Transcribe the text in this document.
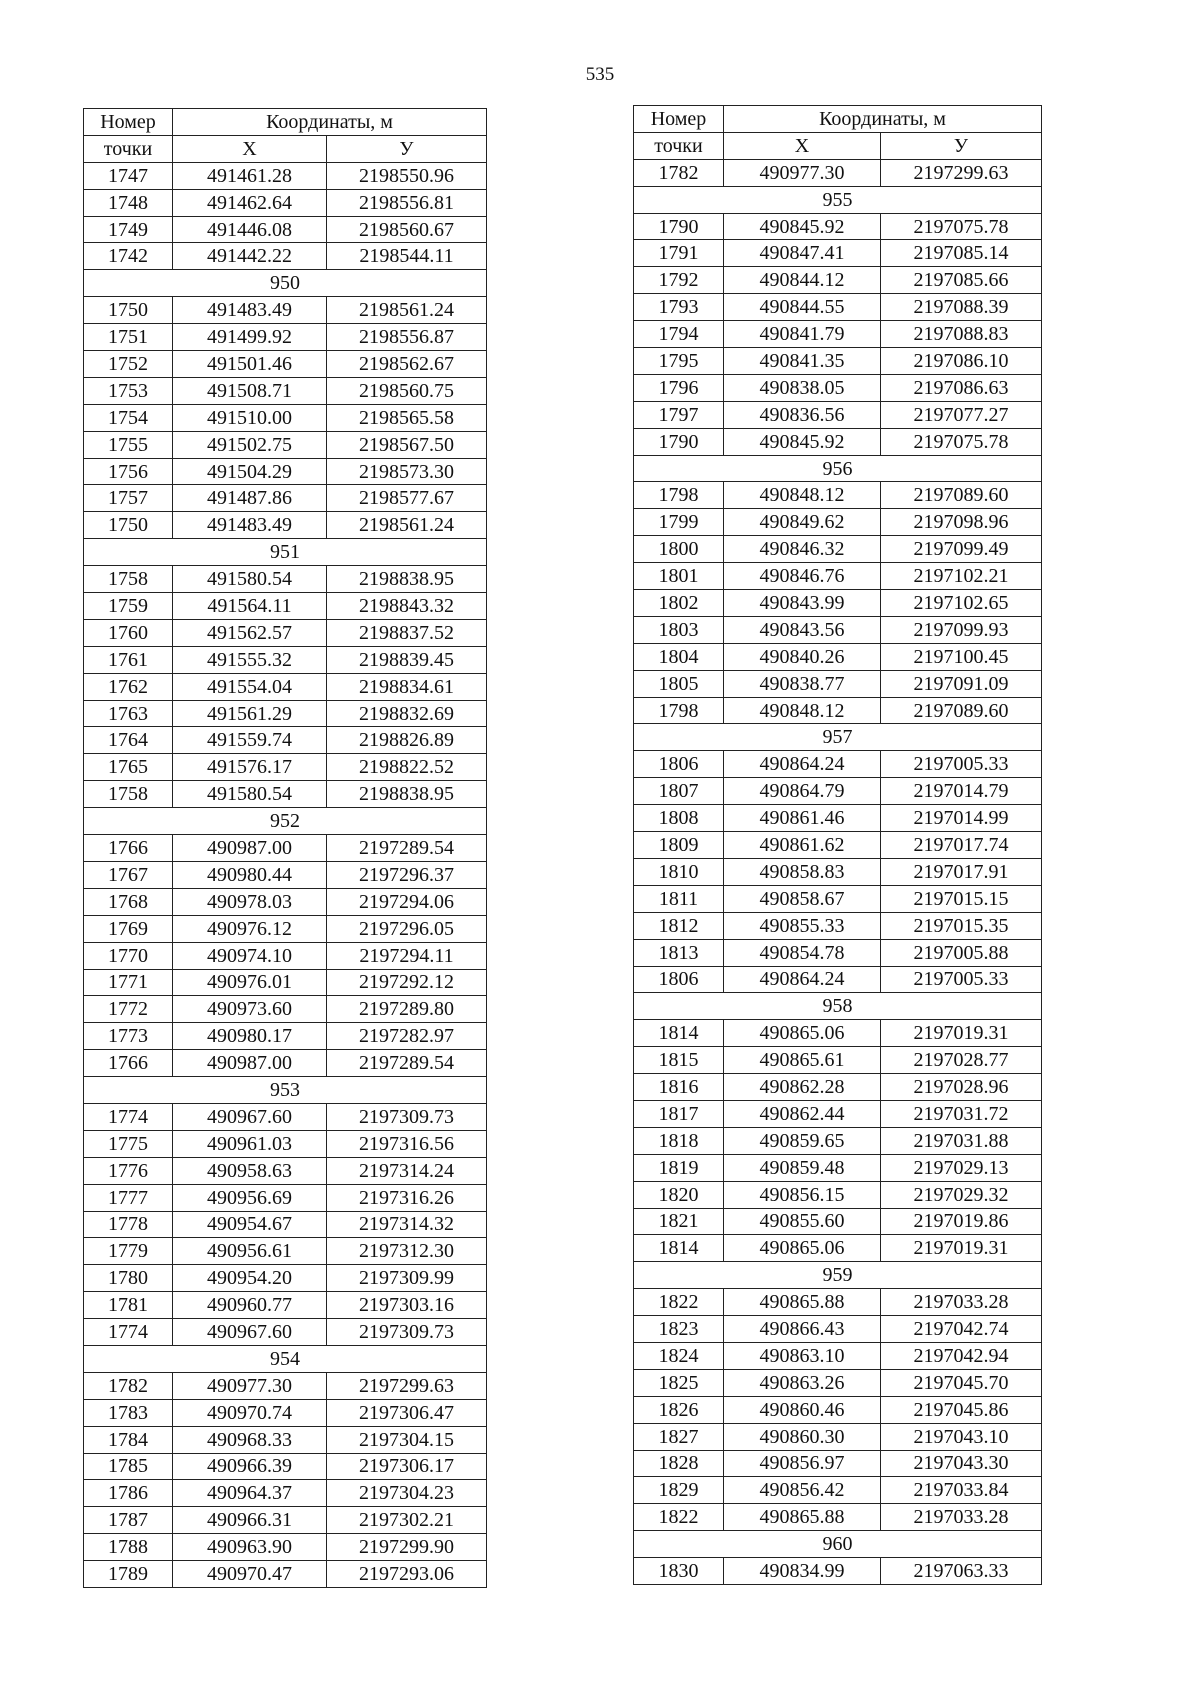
535
Номер	Координаты, м	
точки	X	У
1747	491461.28	2198550.96
1748	491462.64	2198556.81
1749	491446.08	2198560.67
1742	491442.22	2198544.11
950		
1750	491483.49	2198561.24
1751	491499.92	2198556.87
1752	491501.46	2198562.67
1753	491508.71	2198560.75
1754	491510.00	2198565.58
1755	491502.75	2198567.50
1756	491504.29	2198573.30
1757	491487.86	2198577.67
1750	491483.49	2198561.24
951		
1758	491580.54	2198838.95
1759	491564.11	2198843.32
1760	491562.57	2198837.52
1761	491555.32	2198839.45
1762	491554.04	2198834.61
1763	491561.29	2198832.69
1764	491559.74	2198826.89
1765	491576.17	2198822.52
1758	491580.54	2198838.95
952		
1766	490987.00	2197289.54
1767	490980.44	2197296.37
1768	490978.03	2197294.06
1769	490976.12	2197296.05
1770	490974.10	2197294.11
1771	490976.01	2197292.12
1772	490973.60	2197289.80
1773	490980.17	2197282.97
1766	490987.00	2197289.54
953		
1774	490967.60	2197309.73
1775	490961.03	2197316.56
1776	490958.63	2197314.24
1777	490956.69	2197316.26
1778	490954.67	2197314.32
1779	490956.61	2197312.30
1780	490954.20	2197309.99
1781	490960.77	2197303.16
1774	490967.60	2197309.73
954		
1782	490977.30	2197299.63
1783	490970.74	2197306.47
1784	490968.33	2197304.15
1785	490966.39	2197306.17
1786	490964.37	2197304.23
1787	490966.31	2197302.21
1788	490963.90	2197299.90
1789	490970.47	2197293.06
Номер	Координаты, м	
точки	X	У
1782	490977.30	2197299.63
955		
1790	490845.92	2197075.78
1791	490847.41	2197085.14
1792	490844.12	2197085.66
1793	490844.55	2197088.39
1794	490841.79	2197088.83
1795	490841.35	2197086.10
1796	490838.05	2197086.63
1797	490836.56	2197077.27
1790	490845.92	2197075.78
956		
1798	490848.12	2197089.60
1799	490849.62	2197098.96
1800	490846.32	2197099.49
1801	490846.76	2197102.21
1802	490843.99	2197102.65
1803	490843.56	2197099.93
1804	490840.26	2197100.45
1805	490838.77	2197091.09
1798	490848.12	2197089.60
957		
1806	490864.24	2197005.33
1807	490864.79	2197014.79
1808	490861.46	2197014.99
1809	490861.62	2197017.74
1810	490858.83	2197017.91
1811	490858.67	2197015.15
1812	490855.33	2197015.35
1813	490854.78	2197005.88
1806	490864.24	2197005.33
958		
1814	490865.06	2197019.31
1815	490865.61	2197028.77
1816	490862.28	2197028.96
1817	490862.44	2197031.72
1818	490859.65	2197031.88
1819	490859.48	2197029.13
1820	490856.15	2197029.32
1821	490855.60	2197019.86
1814	490865.06	2197019.31
959		
1822	490865.88	2197033.28
1823	490866.43	2197042.74
1824	490863.10	2197042.94
1825	490863.26	2197045.70
1826	490860.46	2197045.86
1827	490860.30	2197043.10
1828	490856.97	2197043.30
1829	490856.42	2197033.84
1822	490865.88	2197033.28
960		
1830	490834.99	2197063.33
